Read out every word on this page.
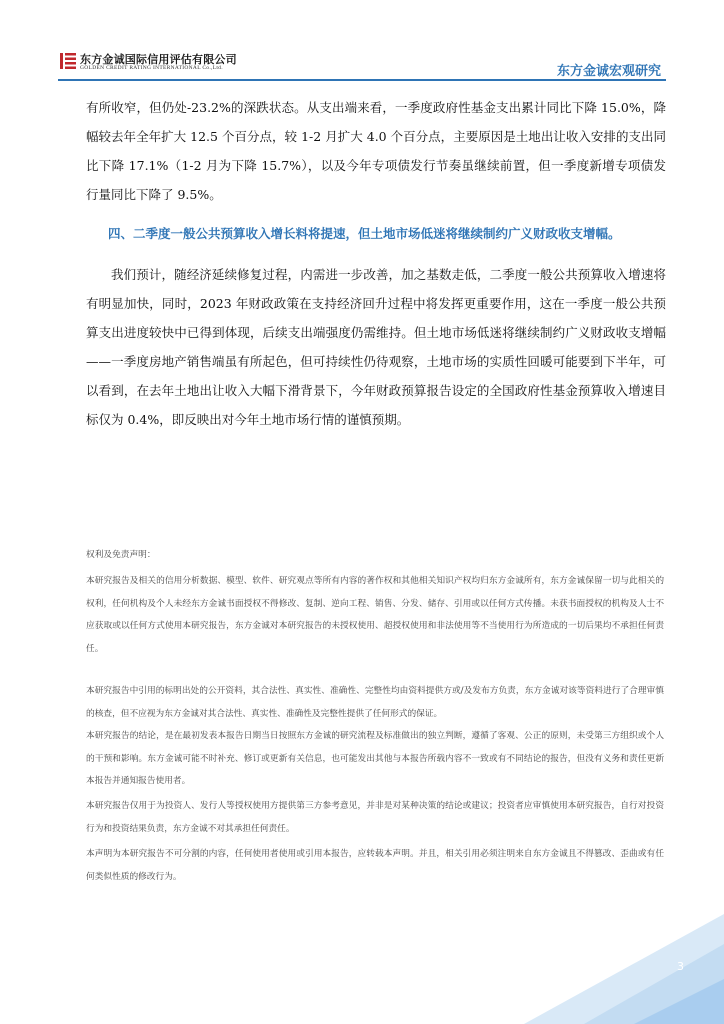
东方金诚国际信用评估有限公司
GOLDEN CREDIT RATING INTERNATIONAL Co.,Ltd.	东方金诚宏观研究

有所收窄，但仍处-23.2%的深跌状态。从支出端来看，一季度政府性基金支出累计同比下降 15.0%，降幅较去年全年扩大 12.5 个百分点，较 1-2 月扩大 4.0 个百分点，主要原因是土地出让收入安排的支出同比下降 17.1%（1-2 月为下降 15.7%），以及今年专项债发行节奏虽继续前置，但一季度新增专项债发行量同比下降了 9.5%。

四、二季度一般公共预算收入增长料将提速，但土地市场低迷将继续制约广义财政收支增幅。

我们预计，随经济延续修复过程，内需进一步改善，加之基数走低，二季度一般公共预算收入增速将有明显加快，同时，2023 年财政政策在支持经济回升过程中将发挥更重要作用，这在一季度一般公共预算支出进度较快中已得到体现，后续支出端强度仍需维持。但土地市场低迷将继续制约广义财政收支增幅——一季度房地产销售端虽有所起色，但可持续性仍待观察，土地市场的实质性回暖可能要到下半年，可以看到，在去年土地出让收入大幅下滑背景下，今年财政预算报告设定的全国政府性基金预算收入增速目标仅为 0.4%，即反映出对今年土地市场行情的谨慎预期。

权利及免责声明：

本研究报告及相关的信用分析数据、模型、软件、研究观点等所有内容的著作权和其他相关知识产权均归东方金诚所有，东方金诚保留一切与此相关的权利，任何机构及个人未经东方金诚书面授权不得修改、复制、逆向工程、销售、分发、储存、引用或以任何方式传播。未获书面授权的机构及人士不应获取或以任何方式使用本研究报告，东方金诚对本研究报告的未授权使用、超授权使用和非法使用等不当使用行为所造成的一切后果均不承担任何责任。

本研究报告中引用的标明出处的公开资料，其合法性、真实性、准确性、完整性均由资料提供方或/及发布方负责，东方金诚对该等资料进行了合理审慎的核查，但不应视为东方金诚对其合法性、真实性、准确性及完整性提供了任何形式的保证。

本研究报告的结论，是在最初发表本报告日期当日按照东方金诚的研究流程及标准做出的独立判断，遵循了客观、公正的原则，未受第三方组织或个人的干预和影响。东方金诚可能不时补充、修订或更新有关信息，也可能发出其他与本报告所载内容不一致或有不同结论的报告，但没有义务和责任更新本报告并通知报告使用者。

本研究报告仅用于为投资人、发行人等授权使用方提供第三方参考意见，并非是对某种决策的结论或建议；投资者应审慎使用本研究报告，自行对投资行为和投资结果负责，东方金诚不对其承担任何责任。

本声明为本研究报告不可分割的内容，任何使用者使用或引用本报告，应转载本声明。并且，相关引用必须注明来自东方金诚且不得篡改、歪曲或有任何类似性质的修改行为。

3
